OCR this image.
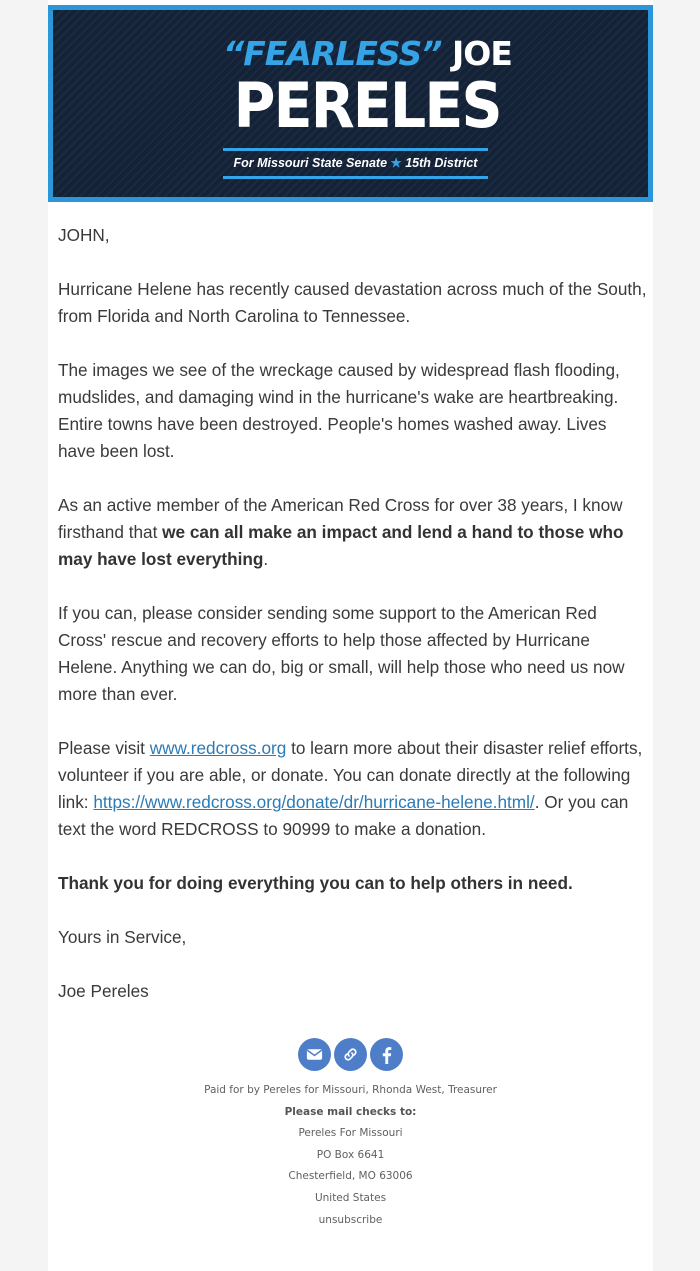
“FEARLESS” JOE
PERELES
For Missouri State Senate ★ 15th District

JOHN,

Hurricane Helene has recently caused devastation across much of the South, from Florida and North Carolina to Tennessee.

The images we see of the wreckage caused by widespread flash flooding, mudslides, and damaging wind in the hurricane's wake are heartbreaking. Entire towns have been destroyed. People's homes washed away. Lives have been lost.

As an active member of the American Red Cross for over 38 years, I know firsthand that we can all make an impact and lend a hand to those who may have lost everything.

If you can, please consider sending some support to the American Red Cross' rescue and recovery efforts to help those affected by Hurricane Helene. Anything we can do, big or small, will help those who need us now more than ever.

Please visit www.redcross.org to learn more about their disaster relief efforts, volunteer if you are able, or donate. You can donate directly at the following link: https://www.redcross.org/donate/dr/hurricane-helene.html/. Or you can text the word REDCROSS to 90999 to make a donation.

Thank you for doing everything you can to help others in need.

Yours in Service,

Joe Pereles

Paid for by Pereles for Missouri, Rhonda West, Treasurer
Please mail checks to:
Pereles For Missouri
PO Box 6641
Chesterfield, MO 63006
United States
unsubscribe
